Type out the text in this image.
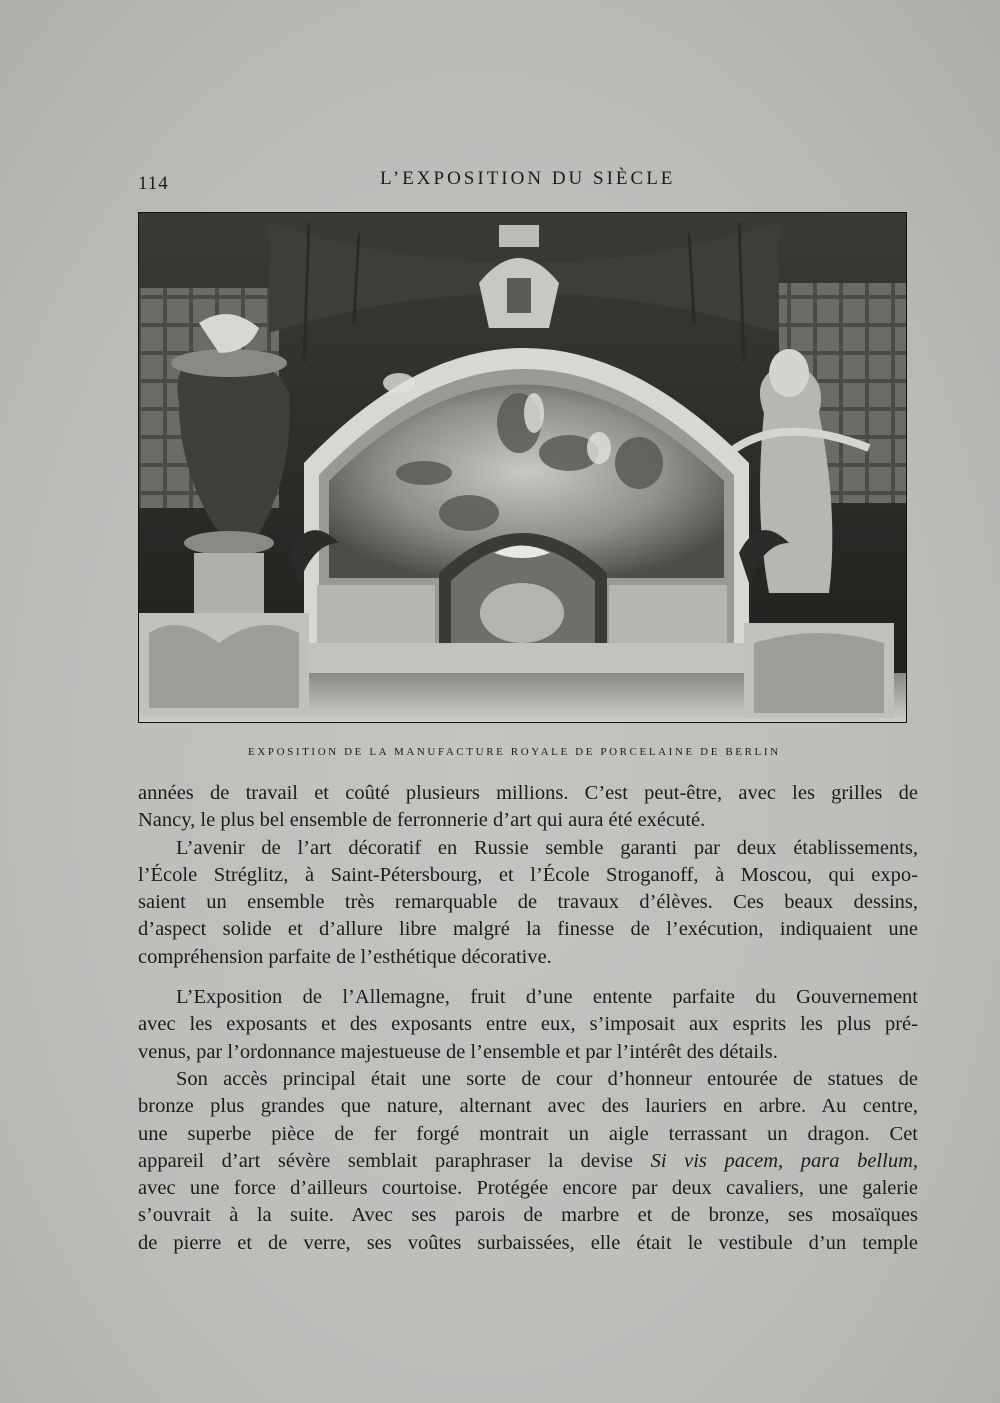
114	L’EXPOSITION DU SIÈCLE
EXPOSITION DE LA MANUFACTURE ROYALE DE PORCELAINE DE BERLIN

années de travail et coûté plusieurs millions. C’est peut-être, avec les grilles de
Nancy, le plus bel ensemble de ferronnerie d’art qui aura été exécuté.

L’avenir de l’art décoratif en Russie semble garanti par deux établissements,
l’École Stréglitz, à Saint-Pétersbourg, et l’École Stroganoff, à Moscou, qui expo-
saient un ensemble très remarquable de travaux d’élèves. Ces beaux dessins,
d’aspect solide et d’allure libre malgré la finesse de l’exécution, indiquaient une
compréhension parfaite de l’esthétique décorative.

L’Exposition de l’Allemagne, fruit d’une entente parfaite du Gouvernement
avec les exposants et des exposants entre eux, s’imposait aux esprits les plus pré-
venus, par l’ordonnance majestueuse de l’ensemble et par l’intérêt des détails.

Son accès principal était une sorte de cour d’honneur entourée de statues de
bronze plus grandes que nature, alternant avec des lauriers en arbre. Au centre,
une superbe pièce de fer forgé montrait un aigle terrassant un dragon. Cet
appareil d’art sévère semblait paraphraser la devise Si vis pacem, para bellum,
avec une force d’ailleurs courtoise. Protégée encore par deux cavaliers, une galerie
s’ouvrait à la suite. Avec ses parois de marbre et de bronze, ses mosaïques
de pierre et de verre, ses voûtes surbaissées, elle était le vestibule d’un temple
